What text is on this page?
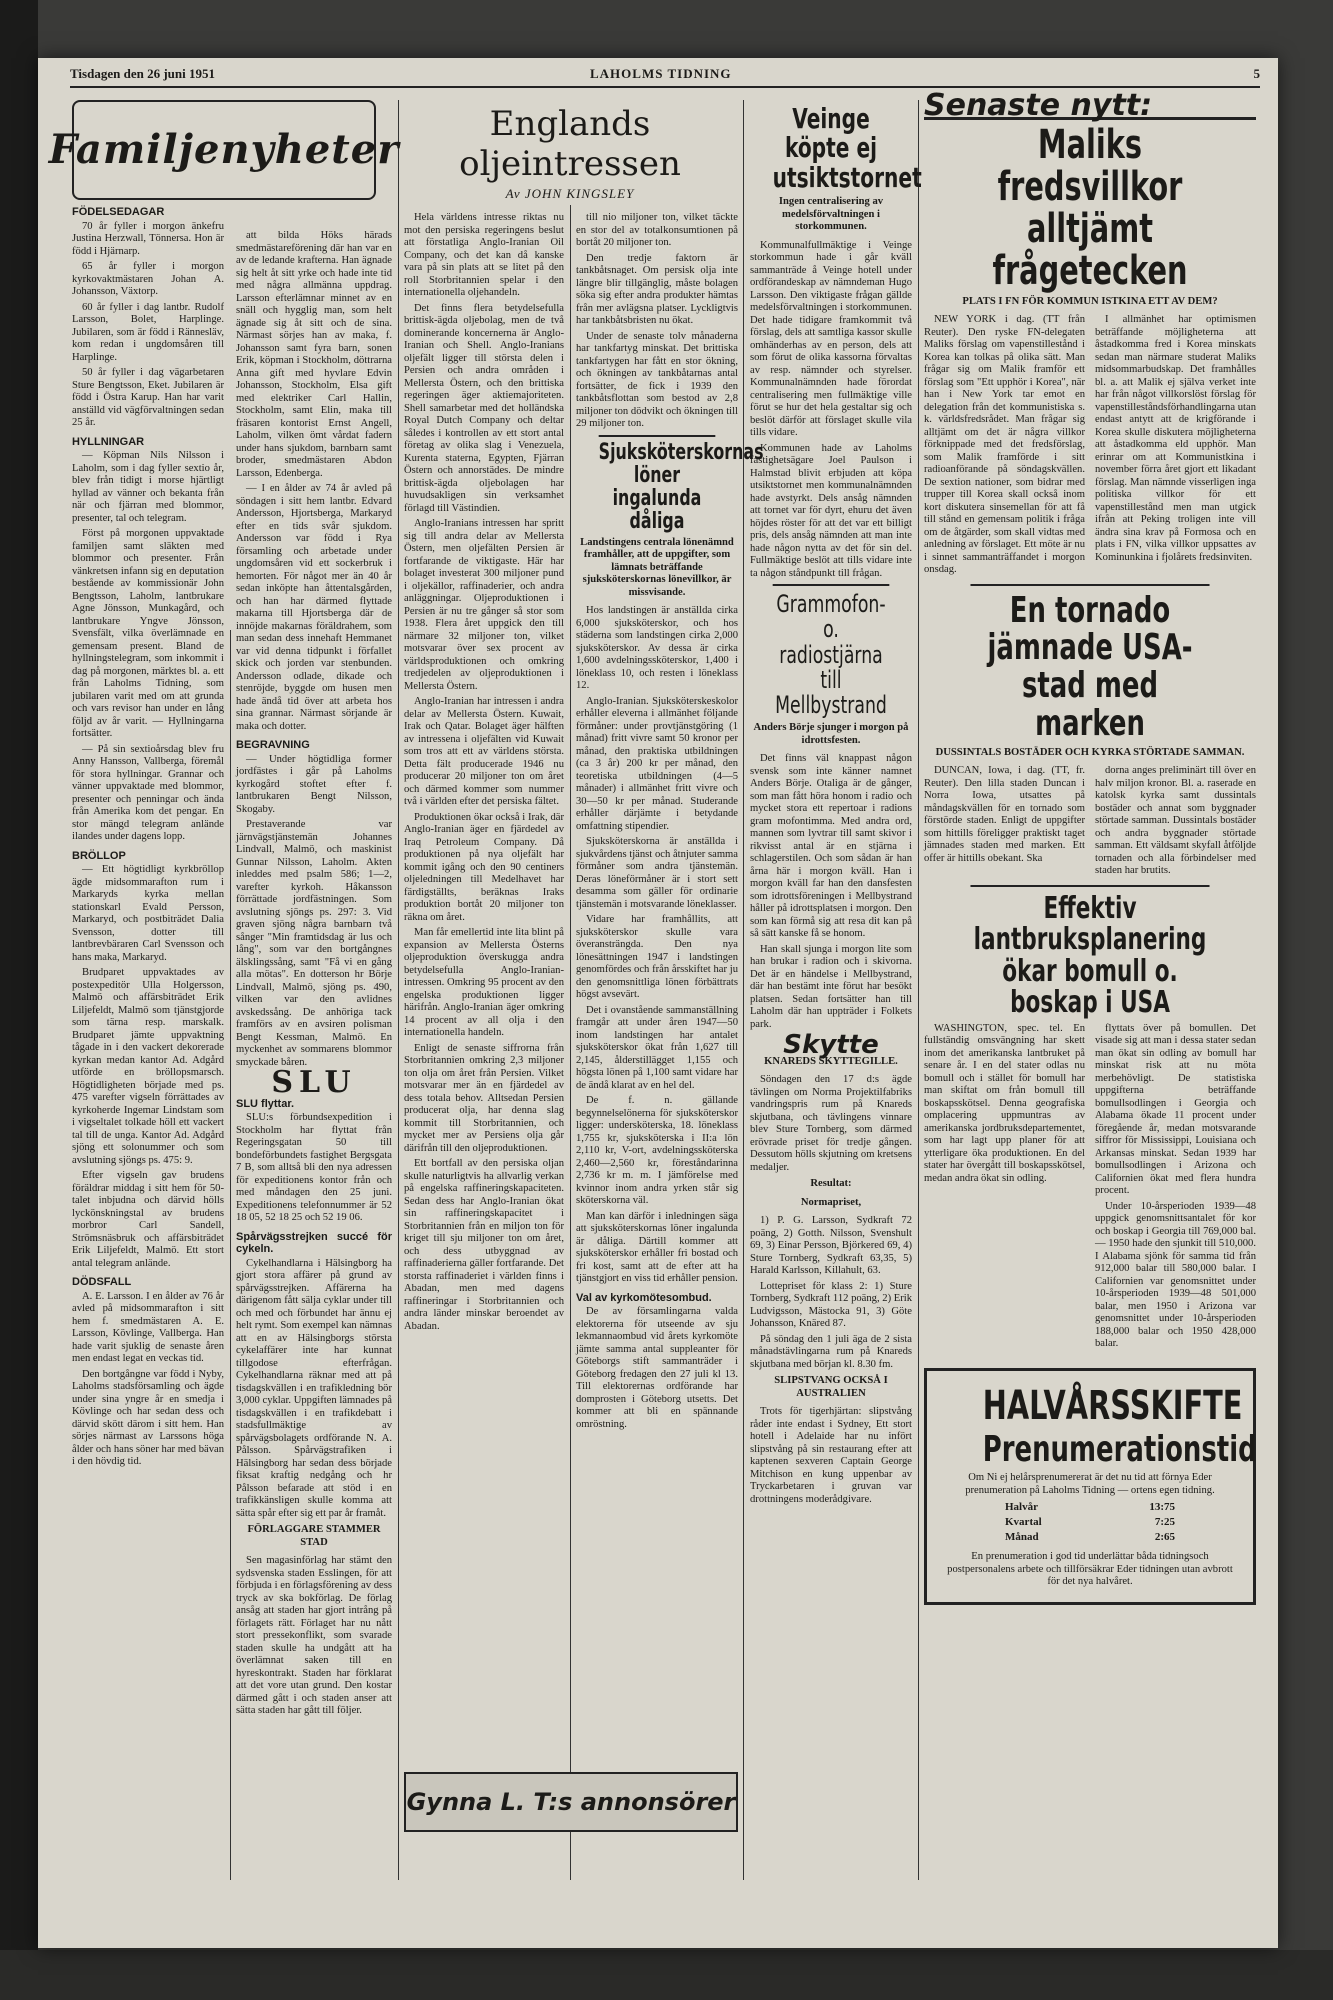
Tisdagen den 26 juni 1951	LAHOLMS TIDNING	5
Familjenyheter
FÖDELSEDAGAR

70 år fyller i morgon änkefru Justina Herzwall, Tönnersa. Hon är född i Hjärnarp.

65 år fyller i morgon kyrkovaktmästaren Johan A. Johansson, Växtorp.

60 år fyller i dag lantbr. Rudolf Larsson, Bolet, Harplinge. Jubilaren, som är född i Rännesläv, kom redan i ungdomsåren till Harplinge.

50 år fyller i dag vägarbetaren Sture Bengtsson, Eket. Jubilaren är född i Östra Karup. Han har varit anställd vid vägförvaltningen sedan 25 år.

HYLLNINGAR

— Köpman Nils Nilsson i Laholm, som i dag fyller sextio år, blev från tidigt i morse hjärtligt hyllad av vänner och bekanta från när och fjärran med blommor, presenter, tal och telegram.

Först på morgonen uppvaktade familjen samt släkten med blommor och presenter. Från vänkretsen infann sig en deputation bestående av kommissionär John Bengtsson, Laholm, lantbrukare Agne Jönsson, Munkagård, och lantbrukare Yngve Jönsson, Svensfält, vilka överlämnade en gemensam present. Bland de hyllningstelegram, som inkommit i dag på morgonen, märktes bl. a. ett från Laholms Tidning, som jubilaren varit med om att grunda och vars revisor han under en lång följd av år varit. — Hyllningarna fortsätter.

— På sin sextioårsdag blev fru Anny Hansson, Vallberga, föremål för stora hyllningar. Grannar och vänner uppvaktade med blommor, presenter och penningar och ända från Amerika kom det pengar. En stor mängd telegram anlände ilandes under dagens lopp.

BRÖLLOP

— Ett högtidligt kyrkbröllop ägde midsommarafton rum i Markaryds kyrka mellan stationskarl Evald Persson, Markaryd, och postbiträdet Dalia Svensson, dotter till lantbrevbäraren Carl Svensson och hans maka, Markaryd.

Brudparet uppvaktades av postexpeditör Ulla Holgersson, Malmö och affärsbiträdet Erik Liljefeldt, Malmö som tjänstgjorde som tärna resp. marskalk. Brudparet jämte uppvaktning tågade in i den vackert dekorerade kyrkan medan kantor Ad. Adgård utförde en bröllopsmarsch. Högtidligheten började med ps. 475 varefter vigseln förrättades av kyrkoherde Ingemar Lindstam som i vigseltalet tolkade höll ett vackert tal till de unga. Kantor Ad. Adgård sjöng ett solonummer och som avslutning sjöngs ps. 475: 9.

Efter vigseln gav brudens föräldrar middag i sitt hem för 50-talet inbjudna och därvid hölls lyckönskningstal av brudens morbror Carl Sandell, Strömsnäsbruk och affärsbiträdet Erik Liljefeldt, Malmö. Ett stort antal telegram anlände.

DÖDSFALL

A. E. Larsson. I en ålder av 76 år avled på midsommarafton i sitt hem f. smedmästaren A. E. Larsson, Kövlinge, Vallberga. Han hade varit sjuklig de senaste åren men endast legat en veckas tid.

Den bortgångne var född i Nyby, Laholms stadsförsamling och ägde under sina yngre år en smedja i Kövlinge och har sedan dess och därvid skött därom i sitt hem. Han sörjes närmast av Larssons höga ålder och hans söner har med bävan i den hövdig tid.

att bilda Höks härads smedmästareförening där han var en av de ledande krafterna. Han ägnade sig helt åt sitt yrke och hade inte tid med några allmänna uppdrag. Larsson efterlämnar minnet av en snäll och hygglig man, som helt ägnade sig åt sitt och de sina. Närmast sörjes han av maka, f. Johansson samt fyra barn, sonen Erik, köpman i Stockholm, döttrarna Anna gift med hyvlare Edvin Johansson, Stockholm, Elsa gift med elektriker Carl Hallin, Stockholm, samt Elin, maka till fräsaren kontorist Ernst Angell, Laholm, vilken ömt vårdat fadern under hans sjukdom, barnbarn samt broder, smedmästaren Abdon Larsson, Edenberga.

— I en ålder av 74 år avled på söndagen i sitt hem lantbr. Edvard Andersson, Hjortsberga, Markaryd efter en tids svår sjukdom. Andersson var född i Rya församling och arbetade under ungdomsåren vid ett sockerbruk i hemorten. För något mer än 40 år sedan inköpte han åttentalsgården, och han har därmed flyttade makarna till Hjortsberga där de innöjde makarnas föräldrahem, som man sedan dess innehaft Hemmanet var vid denna tidpunkt i förfallet skick och jorden var stenbunden. Andersson odlade, dikade och stenröjde, byggde om husen men hade ändå tid över att arbeta hos sina grannar. Närmast sörjande är maka och dotter.

BEGRAVNING

— Under högtidliga former jordfästes i går på Laholms kyrkogård stoftet efter f. lantbrukaren Bengt Nilsson, Skogaby.

Prestaverande var järnvägstjänstemän Johannes Lindvall, Malmö, och maskinist Gunnar Nilsson, Laholm. Akten inleddes med psalm 586; 1—2, varefter kyrkoh. Håkansson förrättade jordfästningen. Som avslutning sjöngs ps. 297: 3. Vid graven sjöng några barnbarn två sånger "Min framtidsdag är lus och lång", som var den bortgångnes älsklingssång, samt "Få vi en gång alla mötas". En dotterson hr Börje Lindvall, Malmö, sjöng ps. 490, vilken var den avlidnes avskedssång. De anhöriga tack framförs av en avsiren polisman Bengt Kessman, Malmö. En myckenhet av sommarens blommor smyckade båren.

SLU
SLU flyttar.

SLU:s förbundsexpedition i Stockholm har flyttat från Regeringsgatan 50 till bondeförbundets fastighet Bergsgata 7 B, som alltså bli den nya adressen för expeditionens kontor från och med måndagen den 25 juni. Expeditionens telefonnummer är 52 18 05, 52 18 25 och 52 19 06.

Spårvägsstrejken succé för cykeln.

Cykelhandlarna i Hälsingborg ha gjort stora affärer på grund av spårvägsstrejken. Affärerna ha därigenom fått sälja cyklar under till och med och förbundet har ännu ej helt rymt. Som exempel kan nämnas att en av Hälsingborgs största cykelaffärer inte har kunnat tillgodose efterfrågan. Cykelhandlarna räknar med att på tisdagskvällen i en trafikledning bör 3,000 cyklar. Uppgiften lämnades på tisdagskvällen i en trafikdebatt i stadsfullmäktige av spårvägsbolagets ordförande N. A. Pålsson. Spårvägstrafiken i Hälsingborg har sedan dess började fiksat kraftig nedgång och hr Pålsson befarade att stöd i en trafikkänsligen skulle komma att sätta spår efter sig ett par år framåt.

FÖRLAGGARE STAMMER STAD

Sen magasinförlag har stämt den sydsvenska staden Esslingen, för att förbjuda i en förlagsförening av dess tryck av ska bokförlag. De förlag ansåg att staden har gjort intrång på förlagets rätt. Förlaget har nu nått stort pressekonflikt, som svarade staden skulle ha undgått att ha överlämnat saken till en hyreskontrakt. Staden har förklarat att det vore utan grund. Den kostar därmed gått i och staden anser att sätta staden har gått till följer.

Englands oljeintressen
Av JOHN KINGSLEY

Hela världens intresse riktas nu mot den persiska regeringens beslut att förstatliga Anglo-Iranian Oil Company, och det kan då kanske vara på sin plats att se litet på den roll Storbritannien spelar i den internationella oljehandeln.

Det finns flera betydelsefulla brittisk-ägda oljebolag, men de två dominerande koncernerna är Anglo-Iranian och Shell. Anglo-Iranians oljefält ligger till största delen i Persien och andra områden i Mellersta Östern, och den brittiska regeringen äger aktiemajoriteten. Shell samarbetar med det holländska Royal Dutch Company och deltar således i kontrollen av ett stort antal företag av olika slag i Venezuela, Kurenta staterna, Egypten, Fjärran Östern och annorstädes. De mindre brittisk-ägda oljebolagen har huvudsakligen sin verksamhet förlagd till Västindien.

Anglo-Iranians intressen har spritt sig till andra delar av Mellersta Östern, men oljefälten Persien är fortfarande de viktigaste. Här har bolaget investerat 300 miljoner pund i oljekällor, raffinaderier, och andra anläggningar. Oljeproduktionen i Persien är nu tre gånger så stor som 1938. Flera året uppgick den till närmare 32 miljoner ton, vilket motsvarar över sex procent av världsproduktionen och omkring tredjedelen av oljeproduktionen i Mellersta Östern.

Anglo-Iranian har intressen i andra delar av Mellersta Östern. Kuwait, Irak och Qatar. Bolaget äger hälften av intressena i oljefälten vid Kuwait som tros att ett av världens största. Detta fält producerade 1946 nu producerar 20 miljoner ton om året och därmed kommer som nummer två i världen efter det persiska fältet.

Produktionen ökar också i Irak, där Anglo-Iranian äger en fjärdedel av Iraq Petroleum Company. Då produktionen på nya oljefält har kommit igång och den 90 centiners oljeledningen till Medelhavet har färdigställts, beräknas Iraks produktion bortåt 20 miljoner ton räkna om året.

Man får emellertid inte lita blint på expansion av Mellersta Österns oljeproduktion överskugga andra betydelsefulla Anglo-Iranian-intressen. Omkring 95 procent av den engelska produktionen ligger härifrån. Anglo-Iranian äger omkring 14 procent av all olja i den internationella handeln.

Enligt de senaste siffrorna från Storbritannien omkring 2,3 miljoner ton olja om året från Persien. Vilket motsvarar mer än en fjärdedel av dess totala behov. Alltsedan Persien producerat olja, har denna slag kommit till Storbritannien, och mycket mer av Persiens olja går därifrån till den oljeproduktionen.

Ett bortfall av den persiska oljan skulle naturligtvis ha allvarlig verkan på engelska raffineringskapaciteten. Sedan dess har Anglo-Iranian ökat sin raffineringskapacitet i Storbritannien från en miljon ton för kriget till sju miljoner ton om året, och dess utbyggnad av raffinaderierna gäller fortfarande. Det storsta raffinaderiet i världen finns i Abadan, men med dagens raffineringar i Storbritannien och andra länder minskar beroendet av Abadan.

till nio miljoner ton, vilket täckte en stor del av totalkonsumtionen på bortåt 20 miljoner ton.

Den tredje faktorn är tankbåtsnaget. Om persisk olja inte längre blir tillgänglig, måste bolagen söka sig efter andra produkter hämtas från mer avlägsna platser. Lyckligtvis har tankbåtsbristen nu ökat.

Under de senaste tolv månaderna har tankfartyg minskat. Det brittiska tankfartygen har fått en stor ökning, och ökningen av tankbåtarnas antal fortsätter, de fick i 1939 den tankbåtsflottan som bestod av 2,8 miljoner ton dödvikt och ökningen till 29 miljoner ton.

Sjuksköterskornas löner ingalunda dåliga
Landstingens centrala lönenämnd framhåller, att de uppgifter, som lämnats beträffande sjuksköterskornas lönevillkor, är missvisande.

Hos landstingen är anställda cirka 6,000 sjuksköterskor, och hos städerna som landstingen cirka 2,000 sjuksköterskor. Av dessa är cirka 1,600 avdelningssköterskor, 1,400 i löneklass 10, och resten i löneklass 12.

Anglo-Iranian. Sjuksköterskeskolor erhåller eleverna i allmänhet följande förmåner: under provtjänstgöring (1 månad) fritt vivre samt 50 kronor per månad, den praktiska utbildningen (ca 3 år) 200 kr per månad, den teoretiska utbildningen (4—5 månader) i allmänhet fritt vivre och 30—50 kr per månad. Studerande erhåller därjämte i betydande omfattning stipendier.

Sjuksköterskorna är anställda i sjukvårdens tjänst och åtnjuter samma förmåner som andra tjänstemän. Deras löneförmåner är i stort sett desamma som gäller för ordinarie tjänstemän i motsvarande löneklasser.

Vidare har framhållits, att sjuksköterskor skulle vara överansträngda. Den nya lönesättningen 1947 i landstingen genomfördes och från årsskiftet har ju den genomsnittliga lönen förbättrats högst avsevärt.

Det i ovanstående sammanställning framgår att under åren 1947—50 inom landstingen har antalet sjuksköterskor ökat från 1,627 till 2,145, ålderstillägget 1,155 och högsta lönen på 1,100 samt vidare har de ändå klarat av en hel del.

De f. n. gällande begynnelselönerna för sjuksköterskor ligger: undersköterska, 18. löneklass 1,755 kr, sjuksköterska i II:a lön 2,110 kr, V-ort, avdelningssköterska 2,460—2,560 kr, föreståndarinna 2,736 kr m. m. I jämförelse med kvinnor inom andra yrken står sig sköterskorna väl.

Man kan därför i inledningen säga att sjuksköterskornas löner ingalunda är dåliga. Därtill kommer att sjuksköterskor erhåller fri bostad och fri kost, samt att de efter att ha tjänstgjort en viss tid erhåller pension.

Val av kyrkomötesombud.

De av församlingarna valda elektorerna för utseende av sju lekmannaombud vid årets kyrkomöte jämte samma antal suppleanter för Göteborgs stift sammanträder i Göteborg fredagen den 27 juli kl 13. Till elektorernas ordförande har domprosten i Göteborg utsetts. Det kommer att bli en spännande omröstning.

Gynna L. T:s annonsörer
Veinge köpte ej utsiktstornet
Ingen centralisering av medelsförvaltningen i storkommunen.

Kommunalfullmäktige i Veinge storkommun hade i går kväll sammanträde å Veinge hotell under ordförandeskap av nämndeman Hugo Larsson. Den viktigaste frågan gällde medelsförvaltningen i storkommunen. Det hade tidigare framkommit två förslag, dels att samtliga kassor skulle omhänderhas av en person, dels att som förut de olika kassorna förvaltas av resp. nämnder och styrelser. Kommunalnämnden hade förordat centralisering men fullmäktige ville förut se hur det hela gestaltar sig och beslöt därför att förslaget skulle vila tills vidare.

Kommunen hade av Laholms fastighetsägare Joel Paulson i Halmstad blivit erbjuden att köpa utsiktstornet men kommunalnämnden hade avstyrkt. Dels ansåg nämnden att tornet var för dyrt, ehuru det även höjdes röster för att det var ett billigt pris, dels ansåg nämnden att man inte hade någon nytta av det för sin del. Fullmäktige beslöt att tills vidare inte ta någon ståndpunkt till frågan.

Grammofon- o. radiostjärna till Mellbystrand
Anders Börje sjunger i morgon på idrottsfesten.

Det finns väl knappast någon svensk som inte känner namnet Anders Börje. Otaliga är de gånger, som man fått höra honom i radio och mycket stora ett repertoar i radions gram mofontimma. Med andra ord, mannen som lyvtrar till samt skivor i rikvisst antal är en stjärna i schlagerstilen. Och som sådan är han årna här i morgon kväll. Han i morgon kväll far han den dansfesten som idrottsföreningen i Mellbystrand håller på idrottsplatsen i morgon. Den som kan förmå sig att resa dit kan på så sätt kanske få se honom.

Han skall sjunga i morgon lite som han brukar i radion och i skivorna. Det är en händelse i Mellbystrand, där han bestämt inte förut har besökt platsen. Sedan fortsätter han till Laholm där han uppträder i Folkets park.

Skytte
KNAREDS SKYTTEGILLE.

Söndagen den 17 d:s ägde tävlingen om Norma Projektilfabriks vandringspris rum på Knareds skjutbana, och tävlingens vinnare blev Sture Tornberg, som därmed erövrade priset för tredje gången. Dessutom hölls skjutning om kretsens medaljer.

Resultat:
Normapriset,

1) P. G. Larsson, Sydkraft 72 poäng, 2) Gotth. Nilsson, Svenshult 69, 3) Einar Persson, Björkered 69, 4) Sture Tornberg, Sydkraft 63,35, 5) Harald Karlsson, Killahult, 63.

Lottepriset för klass 2: 1) Sture Tornberg, Sydkraft 112 poäng, 2) Erik Ludvigsson, Mästocka 91, 3) Göte Johansson, Knäred 87.

På söndag den 1 juli äga de 2 sista månadstävlingarna rum på Knareds skjutbana med början kl. 8.30 fm.

SLIPSTVANG OCKSÅ I AUSTRALIEN

Trots för tigerhjärtan: slipstvång råder inte endast i Sydney, Ett stort hotell i Adelaide har nu infört slipstvång på sin restaurang efter att kaptenen sexveren Captain George Mitchison en kung uppenbar av Tryckarbetaren i gruvan var drottningens moderådgivare.

Senaste nytt:
Maliks fredsvillkor alltjämt frågetecken
PLATS I FN FÖR KOMMUN ISTKINA ETT AV DEM?

NEW YORK i dag. (TT från Reuter). Den ryske FN-delegaten Maliks förslag om vapenstillestånd i Korea kan tolkas på olika sätt. Man frågar sig om Malik framför ett förslag som "Ett upphör i Korea", när han i New York tar emot en delegation från det kommunistiska s. k. världsfredsrådet. Man frågar sig alltjämt om det är några villkor förknippade med det fredsförslag, som Malik framförde i sitt radioanförande på söndagskvällen. De sextion nationer, som bidrar med trupper till Korea skall också inom kort diskutera sinsemellan för att få till stånd en gemensam politik i fråga om de åtgärder, som skall vidtas med anledning av förslaget. Ett möte är nu i sinnet sammanträffandet i morgon onsdag.

I allmänhet har optimismen beträffande möjligheterna att åstadkomma fred i Korea minskats sedan man närmare studerat Maliks midsommarbudskap. Det framhålles bl. a. att Malik ej själva verket inte har från något villkorslöst förslag för vapenstilleståndsförhandlingarna utan endast antytt att de krigförande i Korea skulle diskutera möjligheterna att åstadkomma eld upphör. Man erinrar om att Kommunistkina i november förra året gjort ett likadant förslag. Man nämnde visserligen inga politiska villkor för ett vapenstillestånd men man utgick ifrån att Peking troligen inte vill ändra sina krav på Formosa och en plats i FN, vilka villkor uppsattes av Kominunkina i fjolårets fredsinviten.

En tornado jämnade USA-stad med marken
DUSSINTALS BOSTÄDER OCH KYRKA STÖRTADE SAMMAN.

DUNCAN, Iowa, i dag. (TT, fr. Reuter). Den lilla staden Duncan i Norra Iowa, utsattes på måndagskvällen för en tornado som förstörde staden. Enligt de uppgifter som hittills föreligger praktiskt taget jämnades staden med marken. Ett offer är hittills obekant. Ska

dorna anges preliminärt till över en halv miljon kronor. Bl. a. raserade en katolsk kyrka samt dussintals bostäder och annat som byggnader störtade samman. Dussintals bostäder och andra byggnader störtade samman. Ett väldsamt skyfall åtföljde tornaden och alla förbindelser med staden har brutits.

Effektiv lantbruksplanering ökar bomull o. boskap i USA

WASHINGTON, spec. tel. En fullständig omsvängning har skett inom det amerikanska lantbruket på senare år. I en del stater odlas nu bomull och i stället för bomull har man skiftat om från bomull till boskapsskötsel. Denna geografiska omplacering uppmuntras av amerikanska jordbruksdepartementet, som har lagt upp planer för att ytterligare öka produktionen. En del stater har övergått till boskapsskötsel, medan andra ökat sin odling.

flyttats över på bomullen. Det visade sig att man i dessa stater sedan man ökat sin odling av bomull har minskat risk att nu möta merbehövligt. De statistiska uppgifterna beträffande bomullsodlingen i Georgia och Alabama ökade 11 procent under föregående år, medan motsvarande siffror för Mississippi, Louisiana och Arkansas minskat. Sedan 1939 har bomullsodlingen i Arizona och Californien ökat med flera hundra procent.

Under 10-årsperioden 1939—48 uppgick genomsnittsantalet för kor och boskap i Georgia till 769,000 bal. — 1950 hade den sjunkit till 510,000. I Alabama sjönk för samma tid från 912,000 balar till 580,000 balar. I Californien var genomsnittet under 10-årsperioden 1939—48 501,000 balar, men 1950 i Arizona var genomsnittet under 10-årsperioden 188,000 balar och 1950 428,000 balar.

HALVÅRSSKIFTE
Prenumerationstid

Om Ni ej helårsprenumererat är det nu tid att förnya Eder prenumeration på Laholms Tidning — ortens egen tidning.

Halvår	13:75
Kvartal	7:25
Månad	2:65

En prenumeration i god tid underlättar båda tidningsoch postpersonalens arbete och tillförsäkrar Eder tidningen utan avbrott för det nya halvåret.
